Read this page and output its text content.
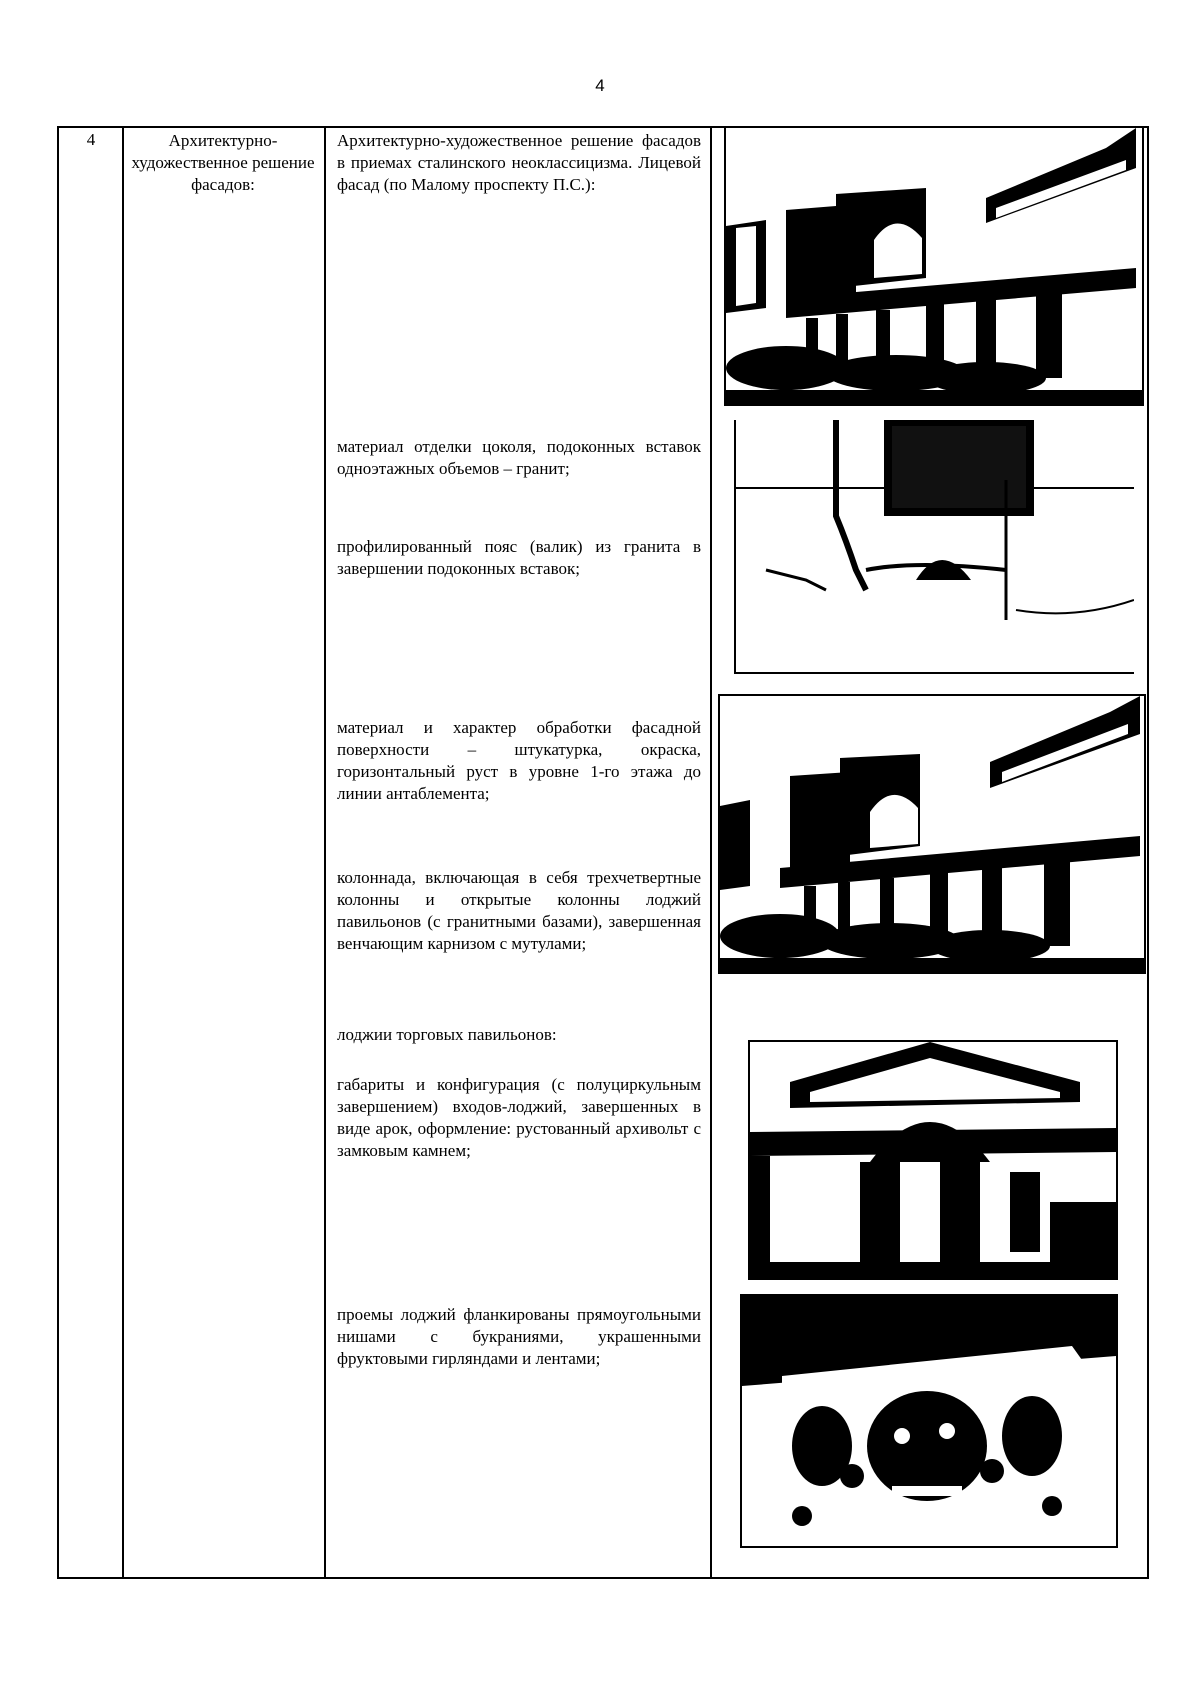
4
4	Архитектурно-художественное решение фасадов:
Архитектурно-художественное решение фасадов в приемах сталинского неоклассицизма. Лицевой фасад (по Малому проспекту П.С.):
материал отделки цоколя, подоконных вставок одноэтажных объемов – гранит;
профилированный пояс (валик) из гранита в завершении подоконных вставок;
материал и характер обработки фасадной поверхности – штукатурка, окраска, горизонтальный руст в уровне 1-го этажа до линии антаблемента;
колоннада, включающая в себя трехчетвертные колонны и открытые колонны лоджий павильонов (с гранитными базами), завершенная венчающим карнизом с мутулами;
лоджии торговых павильонов:
габариты и конфигурация (с полуциркульным завершением) входов-лоджий, завершенных в виде арок, оформление: рустованный архивольт с замковым камнем;
проемы лоджий фланкированы прямоугольными нишами с букраниями, украшенными фруктовыми гирляндами и лентами;
